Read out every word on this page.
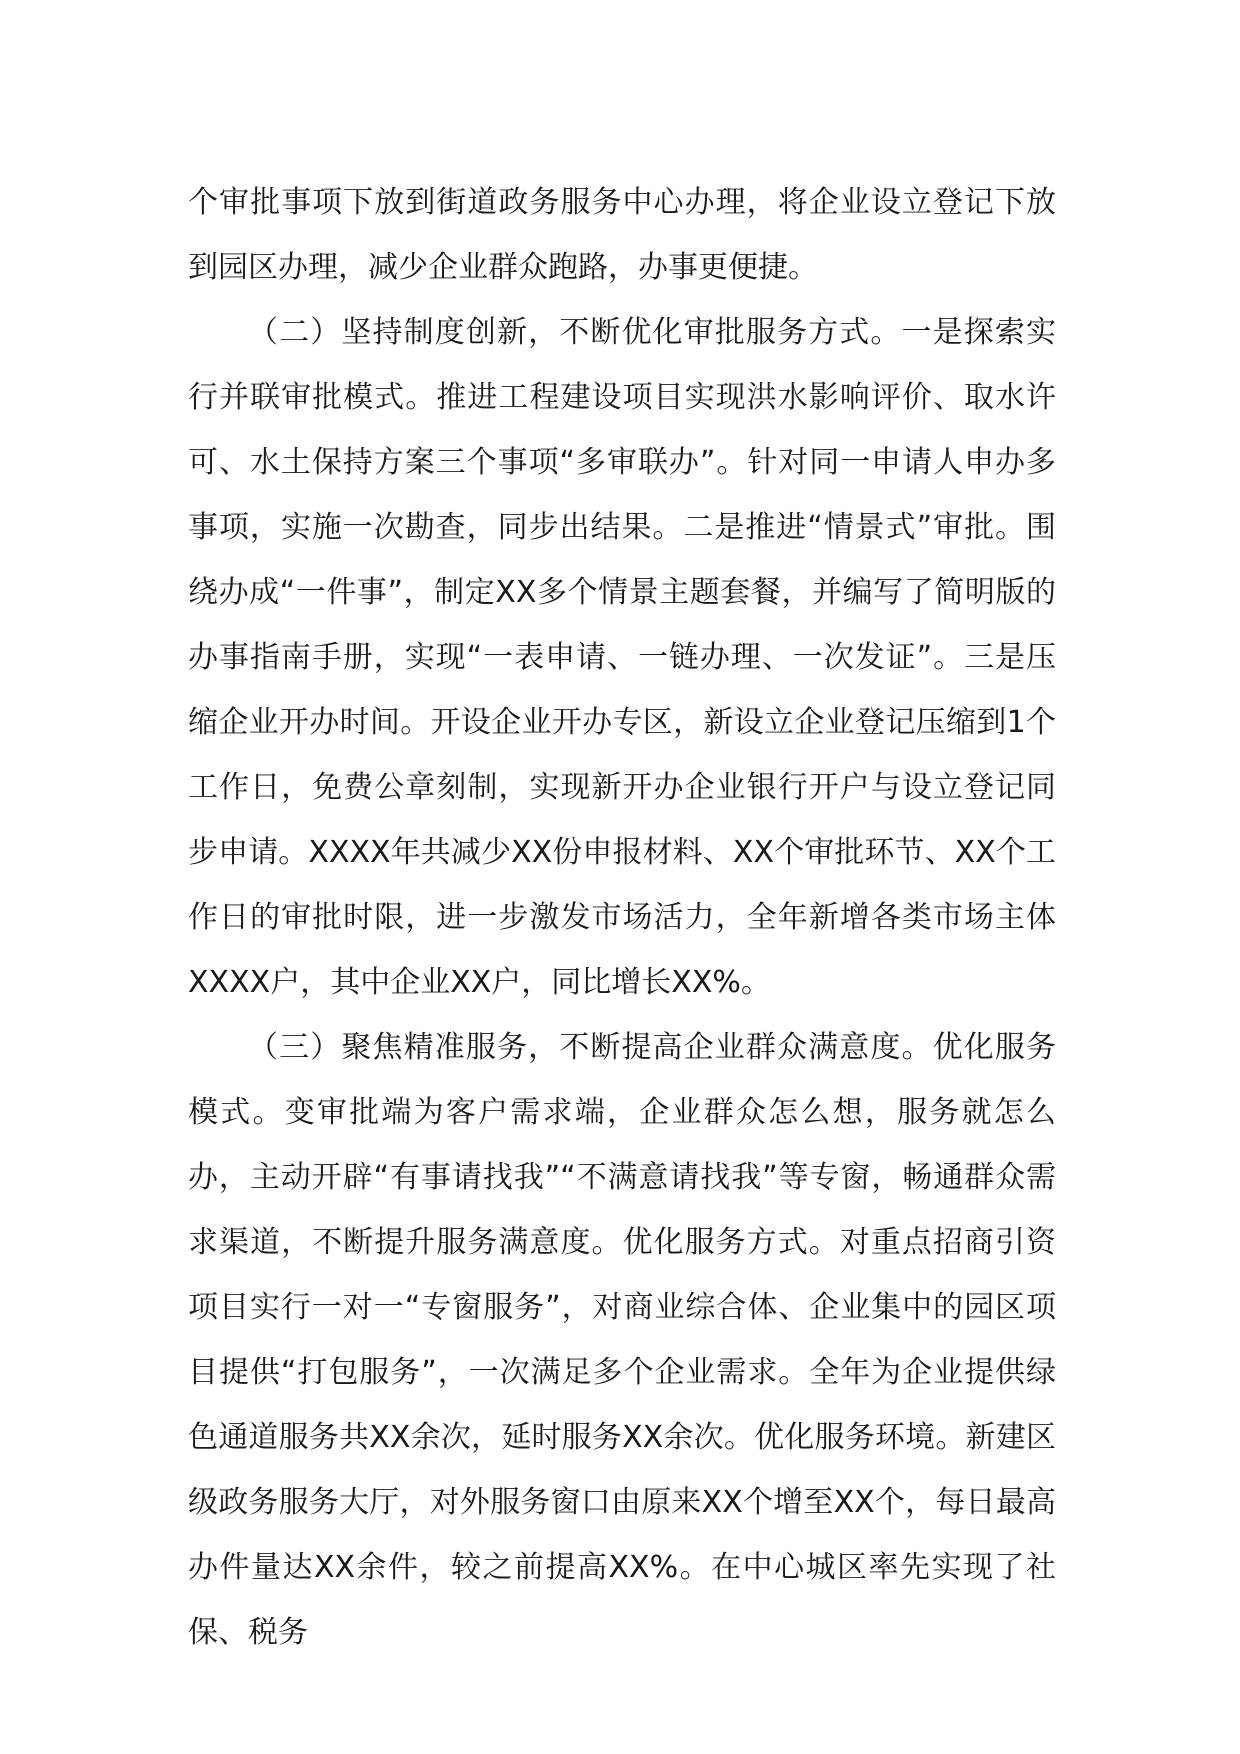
个审批事项下放到街道政务服务中心办理，将企业设立登记下放到园区办理，减少企业群众跑路，办事更便捷。

（二）坚持制度创新，不断优化审批服务方式。一是探索实行并联审批模式。推进工程建设项目实现洪水影响评价、取水许可、水土保持方案三个事项“多审联办”。针对同一申请人申办多事项，实施一次勘查，同步出结果。二是推进“情景式”审批。围绕办成“一件事”，制定XX多个情景主题套餐，并编写了简明版的办事指南手册，实现“一表申请、一链办理、一次发证”。三是压缩企业开办时间。开设企业开办专区，新设立企业登记压缩到1个工作日，免费公章刻制，实现新开办企业银行开户与设立登记同步申请。XXXX年共减少XX份申报材料、XX个审批环节、XX个工作日的审批时限，进一步激发市场活力，全年新增各类市场主体XXXX户，其中企业XX户，同比增长XX%。

（三）聚焦精准服务，不断提高企业群众满意度。优化服务模式。变审批端为客户需求端，企业群众怎么想，服务就怎么办，主动开辟“有事请找我”“不满意请找我”等专窗，畅通群众需求渠道，不断提升服务满意度。优化服务方式。对重点招商引资项目实行一对一“专窗服务”，对商业综合体、企业集中的园区项目提供“打包服务”，一次满足多个企业需求。全年为企业提供绿色通道服务共XX余次，延时服务XX余次。优化服务环境。新建区级政务服务大厅，对外服务窗口由原来XX个增至XX个，每日最高办件量达XX余件，较之前提高XX%。在中心城区率先实现了社保、税务
